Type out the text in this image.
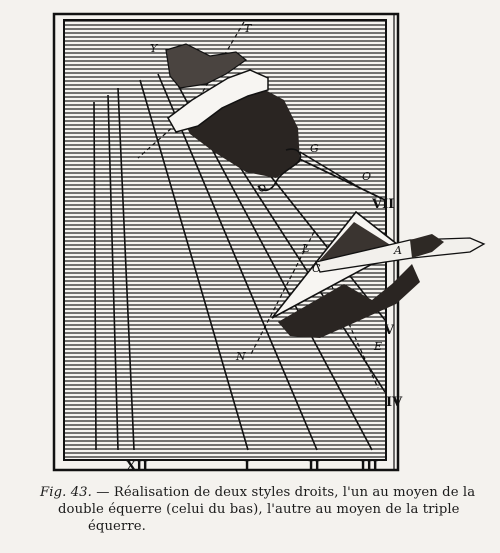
XII	I	II	III
IV
V
VII
Y
T
G
O
L
C
N
A
E
Fig. 43. — Réalisation de deux styles droits, l'un au moyen de la
double équerre (celui du bas), l'autre au moyen de la triple
équerre.
